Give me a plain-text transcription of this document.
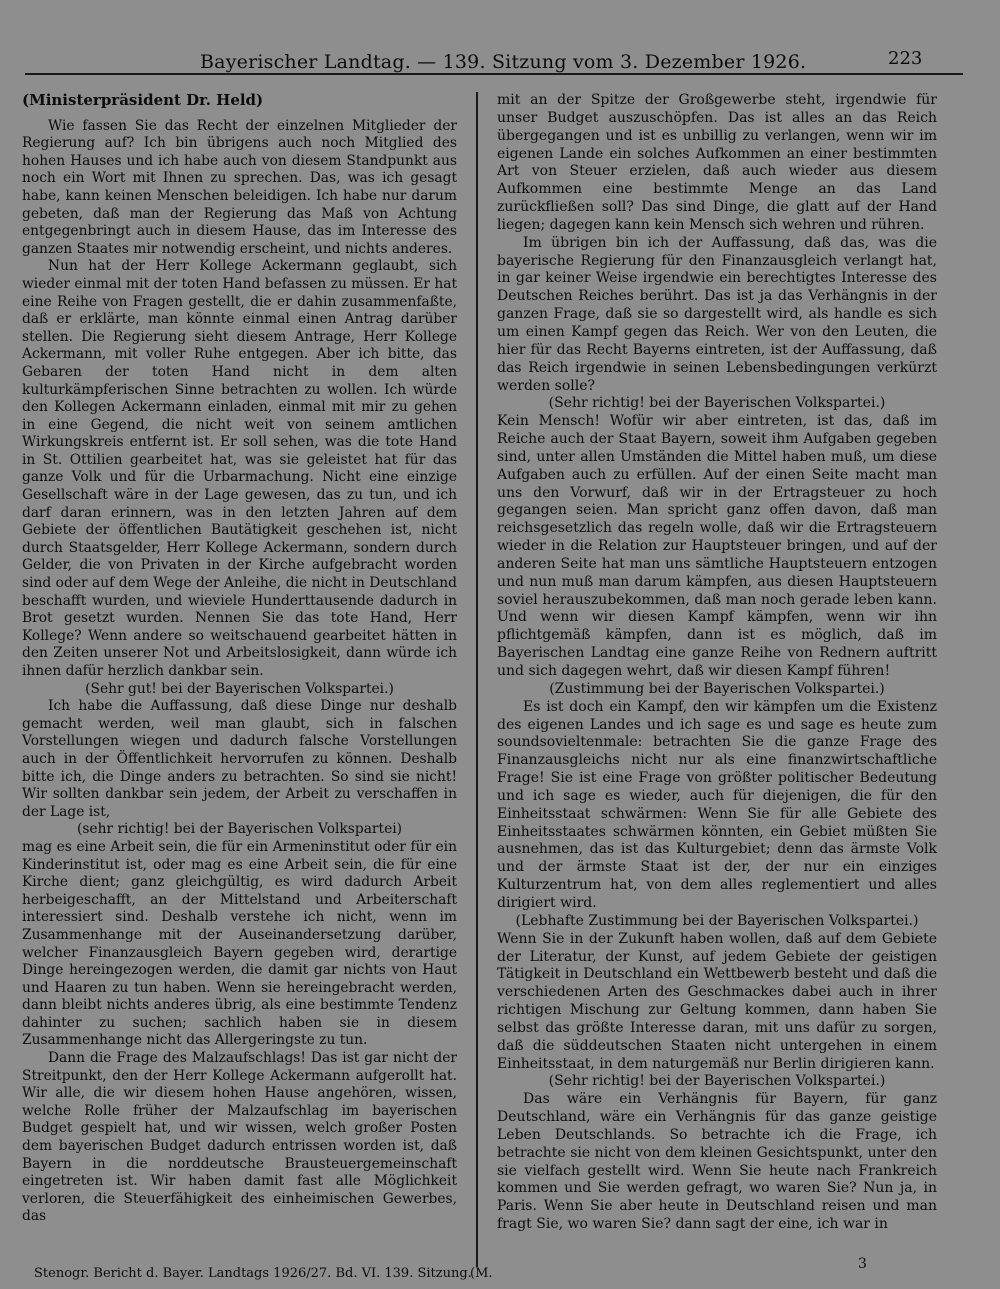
Bayerischer Landtag. — 139. Sitzung vom 3. Dezember 1926.	223

(Ministerpräsident Dr. Held)

Wie fassen Sie das Recht der einzelnen Mitglieder der Regierung auf? Ich bin übrigens auch noch Mitglied des hohen Hauses und ich habe auch von diesem Standpunkt aus noch ein Wort mit Ihnen zu sprechen. Das, was ich gesagt habe, kann keinen Menschen beleidigen. Ich habe nur darum gebeten, daß man der Regierung das Maß von Achtung entgegenbringt auch in diesem Hause, das im Interesse des ganzen Staates mir notwendig erscheint, und nichts anderes.

Nun hat der Herr Kollege Ackermann geglaubt, sich wieder einmal mit der toten Hand befassen zu müssen. Er hat eine Reihe von Fragen gestellt, die er dahin zusammenfaßte, daß er erklärte, man könnte einmal einen Antrag darüber stellen. Die Regierung sieht diesem Antrage, Herr Kollege Ackermann, mit voller Ruhe entgegen. Aber ich bitte, das Gebaren der toten Hand nicht in dem alten kulturkämpferischen Sinne betrachten zu wollen. Ich würde den Kollegen Ackermann einladen, einmal mit mir zu gehen in eine Gegend, die nicht weit von seinem amtlichen Wirkungskreis entfernt ist. Er soll sehen, was die tote Hand in St. Ottilien gearbeitet hat, was sie geleistet hat für das ganze Volk und für die Urbarmachung. Nicht eine einzige Gesellschaft wäre in der Lage gewesen, das zu tun, und ich darf daran erinnern, was in den letzten Jahren auf dem Gebiete der öffentlichen Bautätigkeit geschehen ist, nicht durch Staatsgelder, Herr Kollege Ackermann, sondern durch Gelder, die von Privaten in der Kirche aufgebracht worden sind oder auf dem Wege der Anleihe, die nicht in Deutschland beschafft wurden, und wieviele Hunderttausende dadurch in Brot gesetzt wurden. Nennen Sie das tote Hand, Herr Kollege? Wenn andere so weitschauend gearbeitet hätten in den Zeiten unserer Not und Arbeitslosigkeit, dann würde ich ihnen dafür herzlich dankbar sein.

(Sehr gut! bei der Bayerischen Volkspartei.)

Ich habe die Auffassung, daß diese Dinge nur deshalb gemacht werden, weil man glaubt, sich in falschen Vorstellungen wiegen und dadurch falsche Vorstellungen auch in der Öffentlichkeit hervorrufen zu können. Deshalb bitte ich, die Dinge anders zu betrachten. So sind sie nicht! Wir sollten dankbar sein jedem, der Arbeit zu verschaffen in der Lage ist,

(sehr richtig! bei der Bayerischen Volkspartei)

mag es eine Arbeit sein, die für ein Armeninstitut oder für ein Kinderinstitut ist, oder mag es eine Arbeit sein, die für eine Kirche dient; ganz gleichgültig, es wird dadurch Arbeit herbeigeschafft, an der Mittelstand und Arbeiterschaft interessiert sind. Deshalb verstehe ich nicht, wenn im Zusammenhange mit der Auseinandersetzung darüber, welcher Finanzausgleich Bayern gegeben wird, derartige Dinge hereingezogen werden, die damit gar nichts von Haut und Haaren zu tun haben. Wenn sie hereingebracht werden, dann bleibt nichts anderes übrig, als eine bestimmte Tendenz dahinter zu suchen; sachlich haben sie in diesem Zusammenhange nicht das Allergeringste zu tun.

Dann die Frage des Malzaufschlags! Das ist gar nicht der Streitpunkt, den der Herr Kollege Ackermann aufgerollt hat. Wir alle, die wir diesem hohen Hause angehören, wissen, welche Rolle früher der Malzaufschlag im bayerischen Budget gespielt hat, und wir wissen, welch großer Posten dem bayerischen Budget dadurch entrissen worden ist, daß Bayern in die norddeutsche Brausteuergemeinschaft eingetreten ist. Wir haben damit fast alle Möglichkeit verloren, die Steuerfähigkeit des einheimischen Gewerbes, das

mit an der Spitze der Großgewerbe steht, irgendwie für unser Budget auszuschöpfen. Das ist alles an das Reich übergegangen und ist es unbillig zu verlangen, wenn wir im eigenen Lande ein solches Aufkommen an einer bestimmten Art von Steuer erzielen, daß auch wieder aus diesem Aufkommen eine bestimmte Menge an das Land zurückfließen soll? Das sind Dinge, die glatt auf der Hand liegen; dagegen kann kein Mensch sich wehren und rühren.

Im übrigen bin ich der Auffassung, daß das, was die bayerische Regierung für den Finanzausgleich verlangt hat, in gar keiner Weise irgendwie ein berechtigtes Interesse des Deutschen Reiches berührt. Das ist ja das Verhängnis in der ganzen Frage, daß sie so dargestellt wird, als handle es sich um einen Kampf gegen das Reich. Wer von den Leuten, die hier für das Recht Bayerns eintreten, ist der Auffassung, daß das Reich irgendwie in seinen Lebensbedingungen verkürzt werden solle?

(Sehr richtig! bei der Bayerischen Volkspartei.)

Kein Mensch! Wofür wir aber eintreten, ist das, daß im Reiche auch der Staat Bayern, soweit ihm Aufgaben gegeben sind, unter allen Umständen die Mittel haben muß, um diese Aufgaben auch zu erfüllen. Auf der einen Seite macht man uns den Vorwurf, daß wir in der Ertragsteuer zu hoch gegangen seien. Man spricht ganz offen davon, daß man reichsgesetzlich das regeln wolle, daß wir die Ertragsteuern wieder in die Relation zur Hauptsteuer bringen, und auf der anderen Seite hat man uns sämtliche Hauptsteuern entzogen und nun muß man darum kämpfen, aus diesen Hauptsteuern soviel herauszubekommen, daß man noch gerade leben kann. Und wenn wir diesen Kampf kämpfen, wenn wir ihn pflichtgemäß kämpfen, dann ist es möglich, daß im Bayerischen Landtag eine ganze Reihe von Rednern auftritt und sich dagegen wehrt, daß wir diesen Kampf führen!

(Zustimmung bei der Bayerischen Volkspartei.)

Es ist doch ein Kampf, den wir kämpfen um die Existenz des eigenen Landes und ich sage es und sage es heute zum soundsovieltenmale: betrachten Sie die ganze Frage des Finanzausgleichs nicht nur als eine finanzwirtschaftliche Frage! Sie ist eine Frage von größter politischer Bedeutung und ich sage es wieder, auch für diejenigen, die für den Einheitsstaat schwärmen: Wenn Sie für alle Gebiete des Einheitsstaates schwärmen könnten, ein Gebiet müßten Sie ausnehmen, das ist das Kulturgebiet; denn das ärmste Volk und der ärmste Staat ist der, der nur ein einziges Kulturzentrum hat, von dem alles reglementiert und alles dirigiert wird.

(Lebhafte Zustimmung bei der Bayerischen Volkspartei.)

Wenn Sie in der Zukunft haben wollen, daß auf dem Gebiete der Literatur, der Kunst, auf jedem Gebiete der geistigen Tätigkeit in Deutschland ein Wettbewerb besteht und daß die verschiedenen Arten des Geschmackes dabei auch in ihrer richtigen Mischung zur Geltung kommen, dann haben Sie selbst das größte Interesse daran, mit uns dafür zu sorgen, daß die süddeutschen Staaten nicht untergehen in einem Einheitsstaat, in dem naturgemäß nur Berlin dirigieren kann.

(Sehr richtig! bei der Bayerischen Volkspartei.)

Das wäre ein Verhängnis für Bayern, für ganz Deutschland, wäre ein Verhängnis für das ganze geistige Leben Deutschlands. So betrachte ich die Frage, ich betrachte sie nicht von dem kleinen Gesichtspunkt, unter den sie vielfach gestellt wird. Wenn Sie heute nach Frankreich kommen und Sie werden gefragt, wo waren Sie? Nun ja, in Paris. Wenn Sie aber heute in Deutschland reisen und man fragt Sie, wo waren Sie? dann sagt der eine, ich war in

Stenogr. Bericht d. Bayer. Landtags 1926/27. Bd. VI. 139. Sitzung.
(M.
3
